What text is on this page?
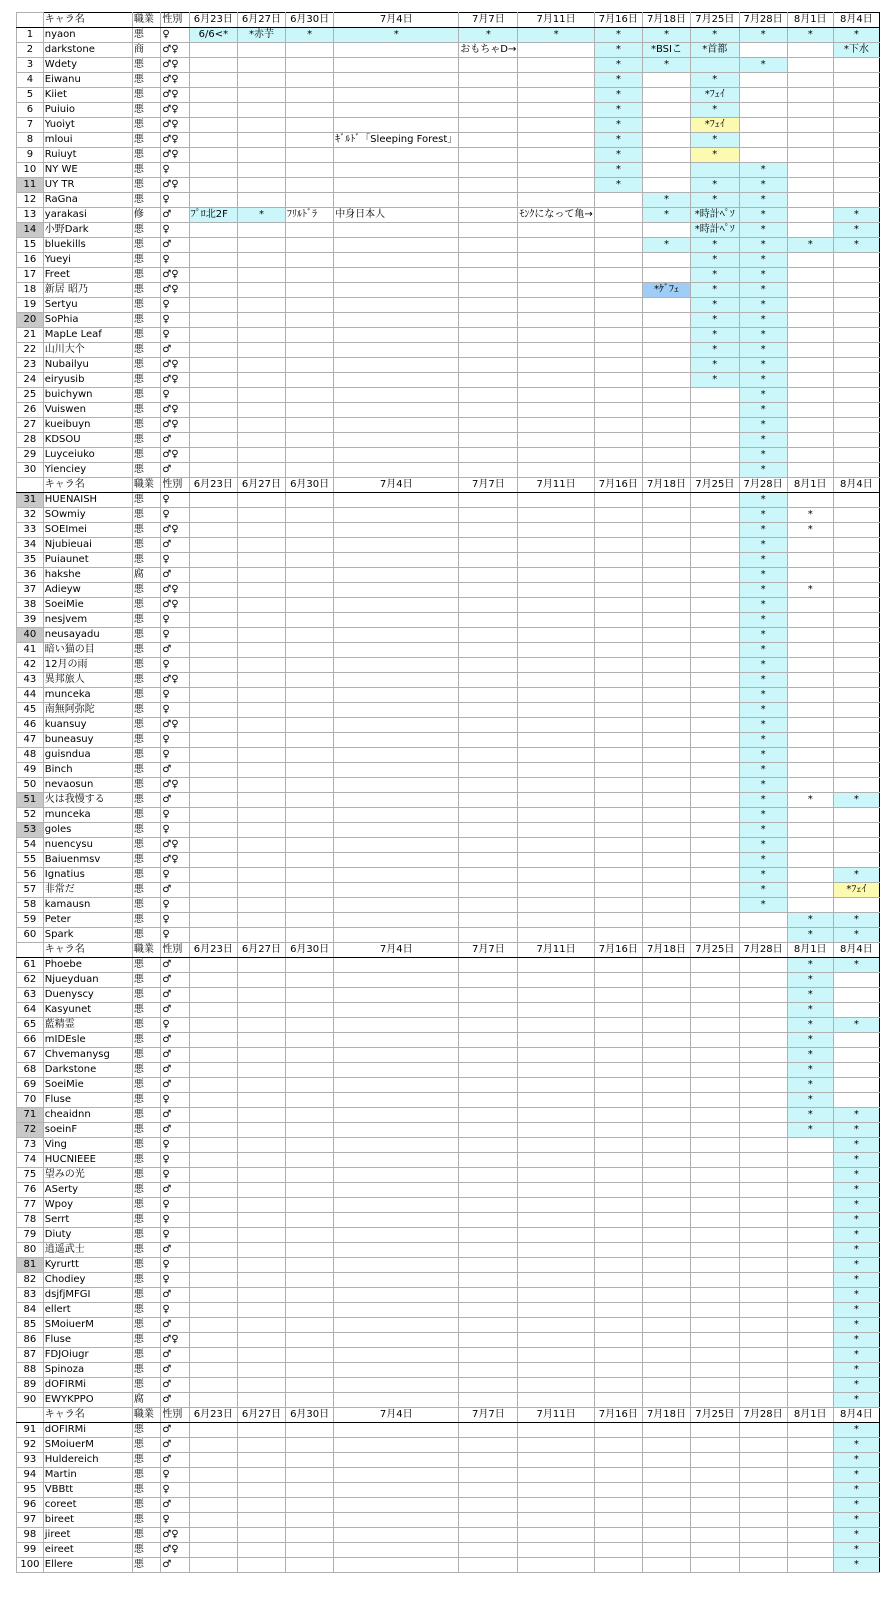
	キャラ名	職業	性別	6月23日	6月27日	6月30日	7月4日	7月7日	7月11日	7月16日	7月18日	7月25日	7月28日	8月1日	8月4日
1	nyaon	悪	♀	6/6<*	*赤芋	*	*	*	*	*	*	*	*	*	*
2	darkstone	商	♂♀					おもちゃD→		*	*BSIこ	*首都			*下水
3	Wdety	悪	♂♀							*	*		*		
4	Eiwanu	悪	♂♀							*		*			
5	Kiiet	悪	♂♀							*		*ﾌｪｲ			
6	Puiuio	悪	♂♀							*		*			
7	Yuoiyt	悪	♂♀							*		*ﾌｪｲ			
8	mloui	悪	♂♀				ｷﾞﾙﾄﾞ「Sleeping Forest」			*		*			
9	Ruiuyt	悪	♂♀							*		*			
10	NY WE	悪	♀							*			*		
11	UY TR	悪	♂♀							*		*	*		
12	RaGna	悪	♀								*	*	*		
13	yarakasi	修	♂	ﾌﾟﾛ北2F	*	ﾌﾘﾙﾄﾞﾗ	中身日本人		ﾓﾝｸになって亀→		*	*時計ﾍﾟｿ	*		*
14	小野Dark	悪	♀									*時計ﾍﾟｿ	*		*
15	bluekills	悪	♂								*	*	*	*	*
16	Yueyi	悪	♀									*	*		
17	Freet	悪	♂♀									*	*		
18	新居 昭乃	悪	♂♀								*ｹﾞﾌｪ	*	*		
19	Sertyu	悪	♀									*	*		
20	SoPhia	悪	♀									*	*		
21	MapLe Leaf	悪	♀									*	*		
22	山川大个	悪	♂									*	*		
23	Nubailyu	悪	♂♀									*	*		
24	eiryusib	悪	♂♀									*	*		
25	buichywn	悪	♀										*		
26	Vuiswen	悪	♂♀										*		
27	kueibuyn	悪	♂♀										*		
28	KDSOU	悪	♂										*		
29	Luyceiuko	悪	♂♀										*		
30	Yienciey	悪	♂										*		
	キャラ名	職業	性別	6月23日	6月27日	6月30日	7月4日	7月7日	7月11日	7月16日	7月18日	7月25日	7月28日	8月1日	8月4日
31	HUENAISH	悪	♀										*		
32	SOwmiy	悪	♀										*	*	
33	SOEImei	悪	♂♀										*	*	
34	Njubieuai	悪	♂										*		
35	Puiaunet	悪	♀										*		
36	hakshe	腐	♂										*		
37	Adieyw	悪	♂♀										*	*	
38	SoeiMie	悪	♂♀										*		
39	nesjvem	悪	♀										*		
40	neusayadu	悪	♀										*		
41	暗い猫の目	悪	♂										*		
42	12月の雨	悪	♀										*		
43	異邦旅人	悪	♂♀										*		
44	munceka	悪	♀										*		
45	南無阿弥陀	悪	♀										*		
46	kuansuy	悪	♂♀										*		
47	buneasuy	悪	♀										*		
48	guisndua	悪	♀										*		
49	Binch	悪	♂										*		
50	nevaosun	悪	♂♀										*		
51	火は我慢する	悪	♂										*	*	*
52	munceka	悪	♀										*		
53	goles	悪	♀										*		
54	nuencysu	悪	♂♀										*		
55	Baiuenmsv	悪	♂♀										*		
56	Ignatius	悪	♀										*		*
57	非常だ	悪	♂										*		*ﾌｪｲ
58	kamausn	悪	♀										*		
59	Peter	悪	♀											*	*
60	Spark	悪	♀											*	*
	キャラ名	職業	性別	6月23日	6月27日	6月30日	7月4日	7月7日	7月11日	7月16日	7月18日	7月25日	7月28日	8月1日	8月4日
61	Phoebe	悪	♂											*	*
62	Njueyduan	悪	♂											*	
63	Duenyscy	悪	♂											*	
64	Kasyunet	悪	♂											*	
65	藍精霊	悪	♀											*	*
66	mIDEsle	悪	♂											*	
67	Chvemanysg	悪	♂											*	
68	Darkstone	悪	♂											*	
69	SoeiMie	悪	♂											*	
70	Fluse	悪	♀											*	
71	cheaidnn	悪	♂											*	*
72	soeinF	悪	♂											*	*
73	Ving	悪	♀												*
74	HUCNIEEE	悪	♀												*
75	望みの光	悪	♀												*
76	ASerty	悪	♂												*
77	Wpoy	悪	♀												*
78	Serrt	悪	♀												*
79	Diuty	悪	♀												*
80	逍遥武士	悪	♂												*
81	Kyrurtt	悪	♀												*
82	Chodiey	悪	♀												*
83	dsjfjMFGI	悪	♂												*
84	ellert	悪	♀												*
85	SMoiuerM	悪	♂												*
86	Fluse	悪	♂♀												*
87	FDJOiugr	悪	♂												*
88	Spinoza	悪	♂												*
89	dOFIRMi	悪	♂												*
90	EWYKPPO	腐	♂												*
	キャラ名	職業	性別	6月23日	6月27日	6月30日	7月4日	7月7日	7月11日	7月16日	7月18日	7月25日	7月28日	8月1日	8月4日
91	dOFIRMi	悪	♂												*
92	SMoiuerM	悪	♂												*
93	Huldereich	悪	♂												*
94	Martin	悪	♀												*
95	VBBtt	悪	♀												*
96	coreet	悪	♂												*
97	bireet	悪	♀												*
98	jireet	悪	♂♀												*
99	eireet	悪	♂♀												*
100	Ellere	悪	♂												*
